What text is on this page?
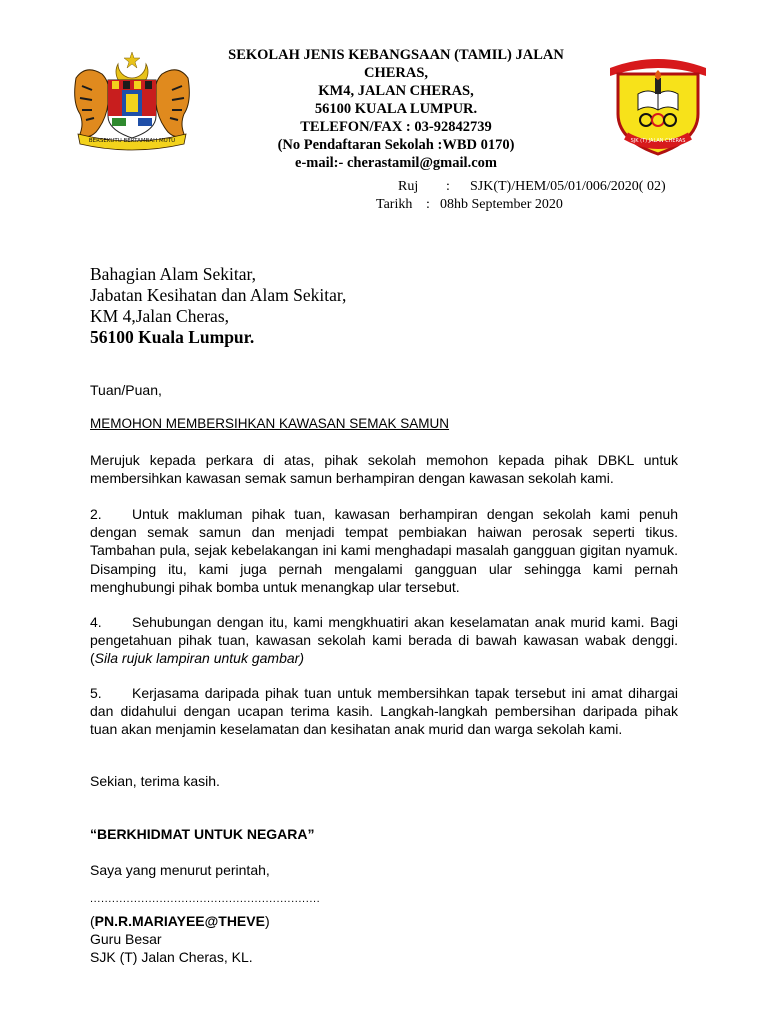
BERSEKUTU BERTAMBAH MUTU	SJK (T) JALAN CHERAS
SEKOLAH JENIS KEBANGSAAN (TAMIL) JALAN
CHERAS,
KM4, JALAN CHERAS,
56100 KUALA LUMPUR.
TELEFON/FAX : 03-92842739
(No Pendaftaran Sekolah :WBD 0170)
e-mail:- cherastamil@gmail.com
Ruj	:	SJK(T)/HEM/05/01/006/2020( 02)
Tarikh : 08hb September 2020
Bahagian Alam Sekitar,
Jabatan Kesihatan dan Alam Sekitar,
KM 4,Jalan Cheras,
56100 Kuala Lumpur.
Tuan/Puan,
MEMOHON MEMBERSIHKAN KAWASAN SEMAK SAMUN
Merujuk kepada perkara di atas, pihak sekolah memohon kepada pihak DBKL untuk membersihkan kawasan semak samun berhampiran dengan kawasan sekolah kami.
2. Untuk makluman pihak tuan, kawasan berhampiran dengan sekolah kami penuh dengan semak samun dan menjadi tempat pembiakan haiwan perosak seperti tikus. Tambahan pula, sejak kebelakangan ini kami menghadapi masalah gangguan gigitan nyamuk. Disamping itu, kami juga pernah mengalami gangguan ular sehingga kami pernah menghubungi pihak bomba untuk menangkap ular tersebut.
4. Sehubungan dengan itu, kami mengkhuatiri akan keselamatan anak murid kami. Bagi pengetahuan pihak tuan, kawasan sekolah kami berada di bawah kawasan wabak denggi. (Sila rujuk lampiran untuk gambar)
5. Kerjasama daripada pihak tuan untuk membersihkan tapak tersebut ini amat dihargai dan didahului dengan ucapan terima kasih. Langkah-langkah pembersihan daripada pihak tuan akan menjamin keselamatan dan kesihatan anak murid dan warga sekolah kami.
Sekian, terima kasih.
“BERKHIDMAT UNTUK NEGARA”
Saya yang menurut perintah,
...............................................................
(PN.R.MARIAYEE@THEVE)
Guru Besar
SJK (T) Jalan Cheras, KL.
